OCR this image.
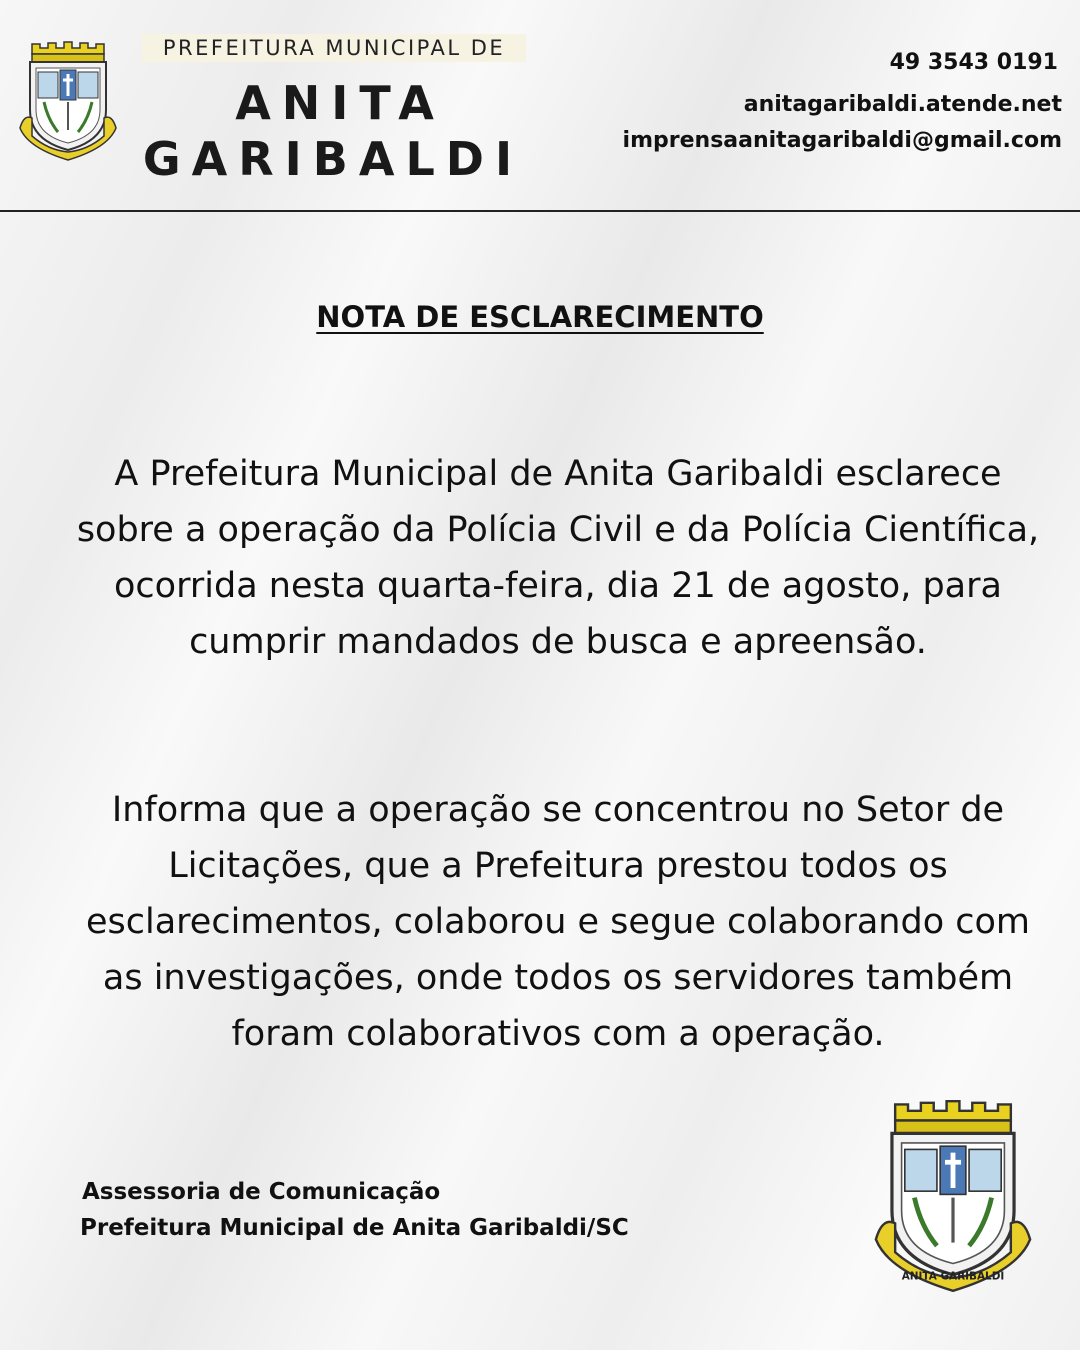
PREFEITURA MUNICIPAL DE
ANITA
GARIBALDI
49 3543 0191
anitagaribaldi.atende.net
imprensaanitagaribaldi@gmail.com
NOTA DE ESCLARECIMENTO
A Prefeitura Municipal de Anita Garibaldi esclarece sobre a operação da Polícia Civil e da Polícia Científica, ocorrida nesta quarta-feira, dia 21 de agosto, para cumprir mandados de busca e apreensão.
Informa que a operação se concentrou no Setor de Licitações, que a Prefeitura prestou todos os esclarecimentos, colaborou e segue colaborando com as investigações, onde todos os servidores também foram colaborativos com a operação.
Assessoria de Comunicação
Prefeitura Municipal de Anita Garibaldi/SC
ANITA GARIBALDI
